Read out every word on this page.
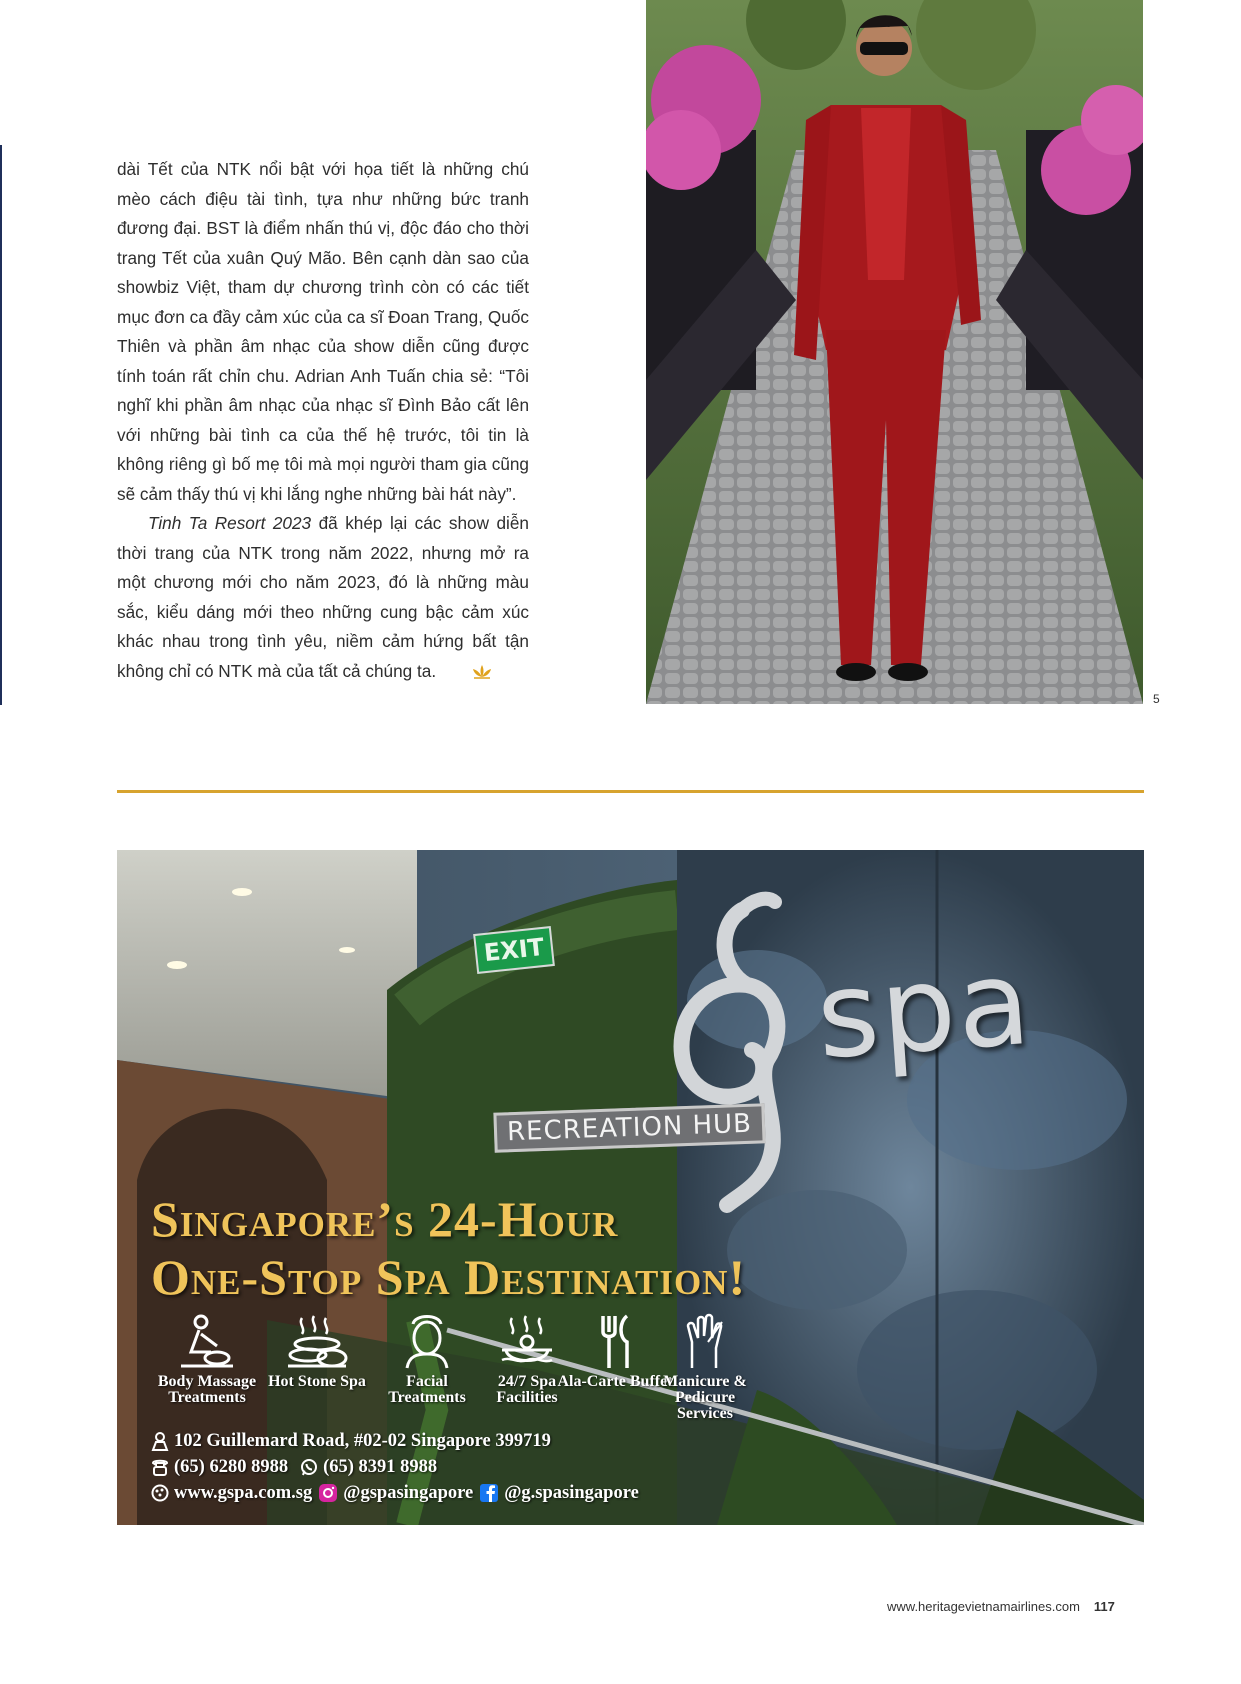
dài Tết của NTK nổi bật với họa tiết là những chú mèo cách điệu tài tình, tựa như những bức tranh đương đại. BST là điểm nhấn thú vị, độc đáo cho thời trang Tết của xuân Quý Mão. Bên cạnh dàn sao của showbiz Việt, tham dự chương trình còn có các tiết mục đơn ca đầy cảm xúc của ca sĩ Đoan Trang, Quốc Thiên và phần âm nhạc của show diễn cũng được tính toán rất chỉn chu. Adrian Anh Tuấn chia sẻ: “Tôi nghĩ khi phần âm nhạc của nhạc sĩ Đình Bảo cất lên với những bài tình ca của thế hệ trước, tôi tin là không riêng gì bố mẹ tôi mà mọi người tham gia cũng sẽ cảm thấy thú vị khi lắng nghe những bài hát này”.

Tinh Ta Resort 2023 đã khép lại các show diễn thời trang của NTK trong năm 2022, nhưng mở ra một chương mới cho năm 2023, đó là những màu sắc, kiểu dáng mới theo những cung bậc cảm xúc khác nhau trong tình yêu, niềm cảm hứng bất tận không chỉ có NTK mà của tất cả chúng ta.

5
EXIT spa
RECREATION HUB
Singapore’s 24-Hour
One-Stop Spa Destination!
Body Massage Treatments
Hot Stone Spa	Facial Treatments
24/7 Spa Facilities
Ala-Carte Buffet
Manicure & Pedicure Services
102 Guillemard Road, #02-02 Singapore 399719
(65) 6280 8988 (65) 8391 8988
www.gspa.com.sg @gspasingapore @g.spasingapore
www.heritagevietnamairlines.com 117
